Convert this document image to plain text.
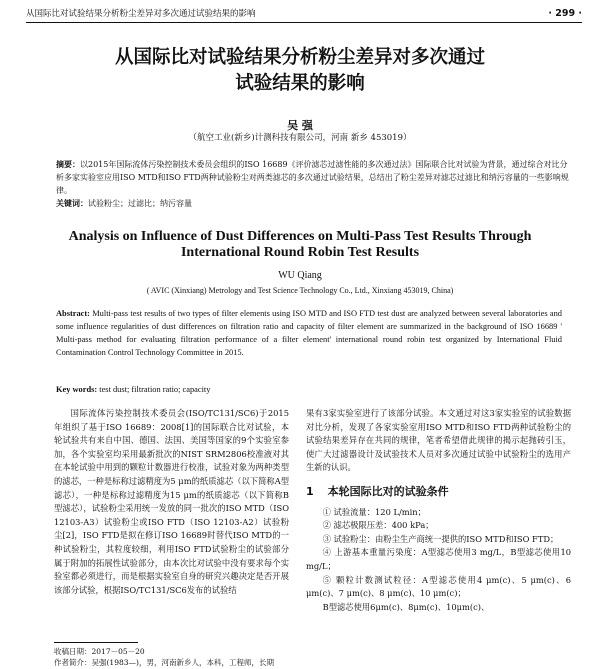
从国际比对试验结果分析粉尘差异对多次通过试验结果的影响	· 299 ·
从国际比对试验结果分析粉尘差异对多次通过
试验结果的影响
吴 强
（航空工业(新乡)计测科技有限公司，河南 新乡 453019）
摘要：以2015年国际流体污染控制技术委员会组织的ISO 16689《评价滤芯过滤性能的多次通过法》国际联合比对试验为背景，通过综合对比分析多家实验室应用ISO MTD和ISO FTD两种试验粉尘对两类滤芯的多次通过试验结果，总结出了粉尘差异对滤芯过滤比和纳污容量的一些影响规律。
关键词：试验粉尘；过滤比；纳污容量
Analysis on Influence of Dust Differences on Multi-Pass Test Results Through
International Round Robin Test Results
WU Qiang
( AVIC (Xinxiang) Metrology and Test Science Technology Co., Ltd., Xinxiang 453019, China)
Abstract: Multi-pass test results of two types of filter elements using ISO MTD and ISO FTD test dust are analyzed between several laboratories and some influence regularities of dust differences on filtration ratio and capacity of filter element are summarized in the background of ISO 16689 ' Multi-pass method for evaluating filtration performance of a filter element' international round robin test organized by International Fluid Contamination Control Technology Committee in 2015.
Key words: test dust; filtration ratio; capacity

国际流体污染控制技术委员会(ISO/TC131/SC6)于2015年组织了基于ISO 16689：2008[1]的国际联合比对试验，本轮试验共有来自中国、德国、法国、美国等国家的9个实验室参加，各个实验室均采用最新批次的NIST SRM2806校准液对其在本轮试验中用到的颗粒计数器进行校准，试验对象为两种类型的滤芯，一种是标称过滤精度为5 μm的纸质滤芯（以下简称A型滤芯），一种是标称过滤精度为15 μm的纸质滤芯（以下简称B型滤芯），试验粉尘采用统一发放的同一批次的ISO MTD（ISO 12103-A3）试验粉尘或ISO FTD（ISO 12103-A2）试验粉尘[2]，ISO FTD是拟在修订ISO 16689时替代ISO MTD的一种试验粉尘，其粒度较细，利用ISO FTD试验粉尘的试验部分属于附加的拓展性试验部分，由本次比对试验中没有要求每个实验室都必须进行，而是根据实验室自身的研究兴趣决定是否开展该部分试验，根据ISO/TC131/SC6发布的试验结

果有3家实验室进行了该部分试验。本文通过对这3家实验室的试验数据对比分析，发现了各家实验室用ISO MTD和ISO FTD两种试验粉尘的试验结果差异存在共同的规律，笔者希望借此规律的揭示起抛砖引玉，使广大过滤器设计及试验技术人员对多次通过试验中试验粉尘的选用产生新的认识。

1 本轮国际比对的试验条件

① 试验流量：120 L/min；

② 滤芯极限压差：400 kPa；

③ 试验粉尘：由粉尘生产商统一提供的ISO MTD和ISO FTD；

④ 上游基本重量污染度：A型滤芯使用3 mg/L，B型滤芯使用10 mg/L；

⑤ 颗粒计数测试粒径：A型滤芯使用4 μm(c)、5 μm(c)、6 μm(c)、7 μm(c)、8 μm(c)、10 μm(c)；

B型滤芯使用6μm(c)、8μm(c)、10μm(c)、

收稿日期：2017－05－20
作者简介：吴强(1983—)，男，河南新乡人，本科，工程师，长期
